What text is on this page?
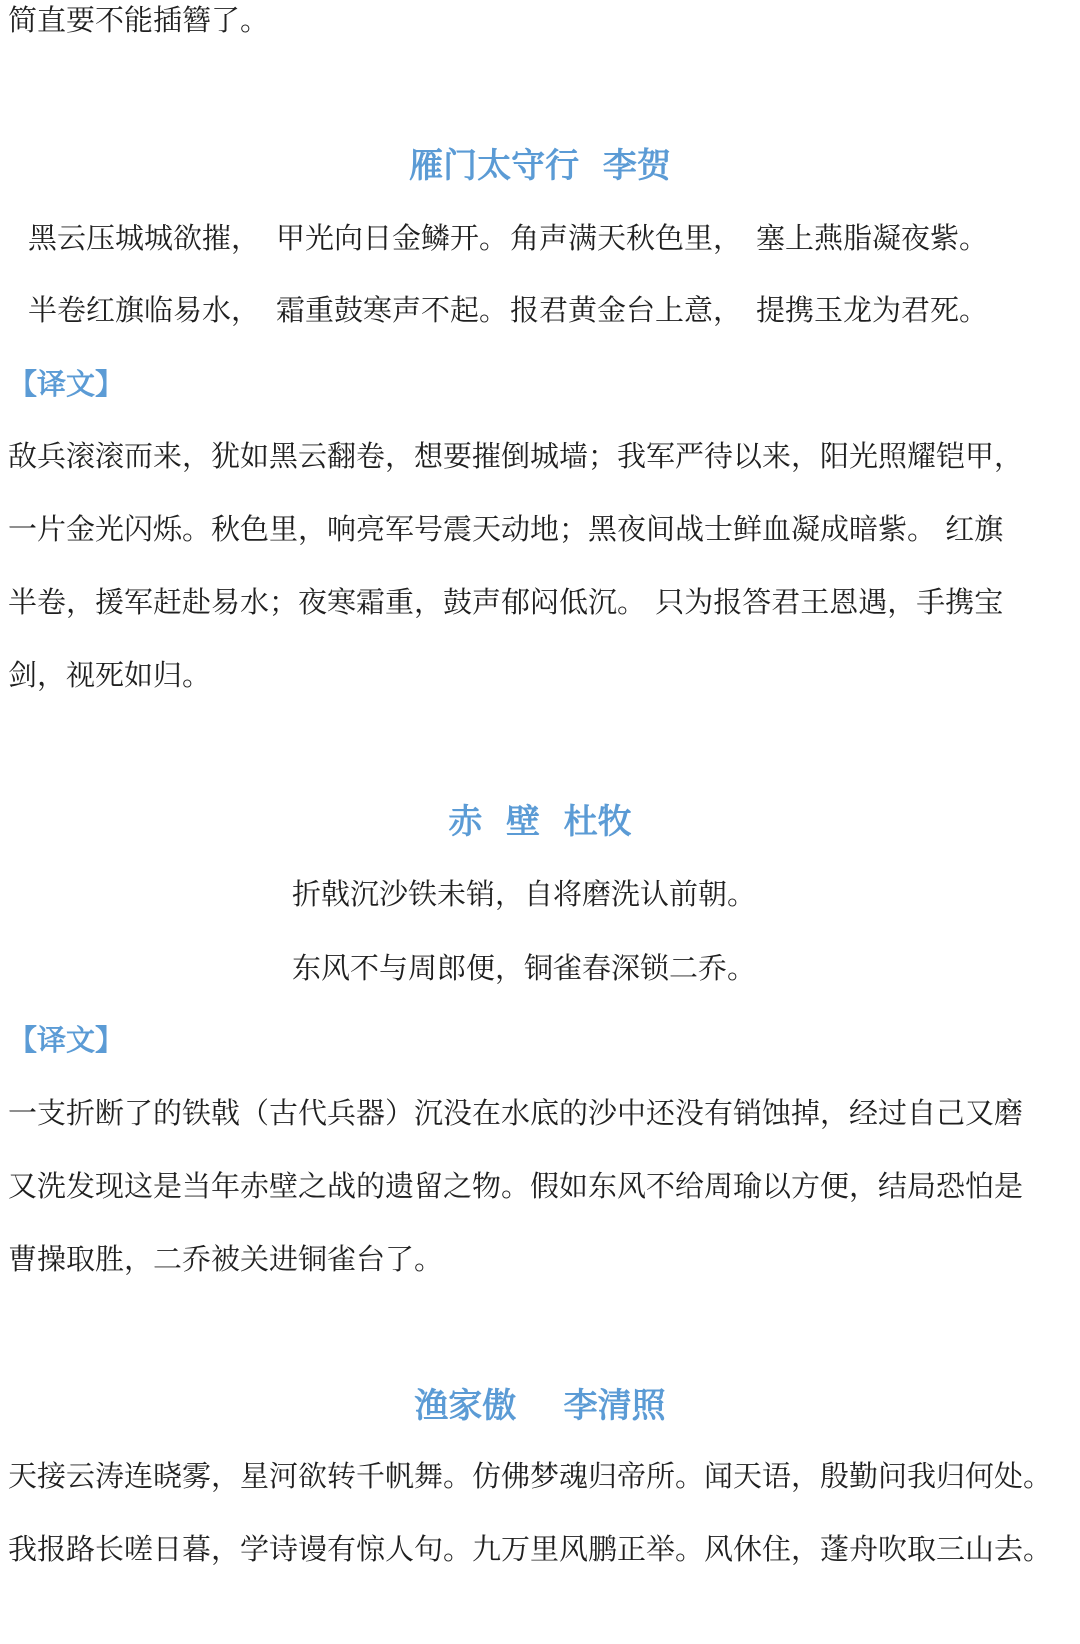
简直要不能插簪了。
雁门太守行  李贺
黑云压城城欲摧， 甲光向日金鳞开。 角声满天秋色里， 塞上燕脂凝夜紫。
半卷红旗临易水， 霜重鼓寒声不起。 报君黄金台上意， 提携玉龙为君死。
【译文】
敌兵滚滚而来，犹如黑云翻卷，想要摧倒城墙；我军严待以来，阳光照耀铠甲，
一片金光闪烁。秋色里，响亮军号震天动地；黑夜间战士鲜血凝成暗紫。 红旗
半卷，援军赶赴易水；夜寒霜重，鼓声郁闷低沉。 只为报答君王恩遇，手携宝
剑，视死如归。
赤  壁  杜牧
折戟沉沙铁未销，自将磨洗认前朝。
东风不与周郎便，铜雀春深锁二乔。
【译文】
一支折断了的铁戟（古代兵器）沉没在水底的沙中还没有销蚀掉，经过自己又磨
又洗发现这是当年赤壁之战的遗留之物。假如东风不给周瑜以方便，结局恐怕是
曹操取胜，二乔被关进铜雀台了。
渔家傲    李清照
天接云涛连晓雾，星河欲转千帆舞。仿佛梦魂归帝所。闻天语，殷勤问我归何处。
我报路长嗟日暮，学诗谩有惊人句。九万里风鹏正举。风休住，蓬舟吹取三山去。
